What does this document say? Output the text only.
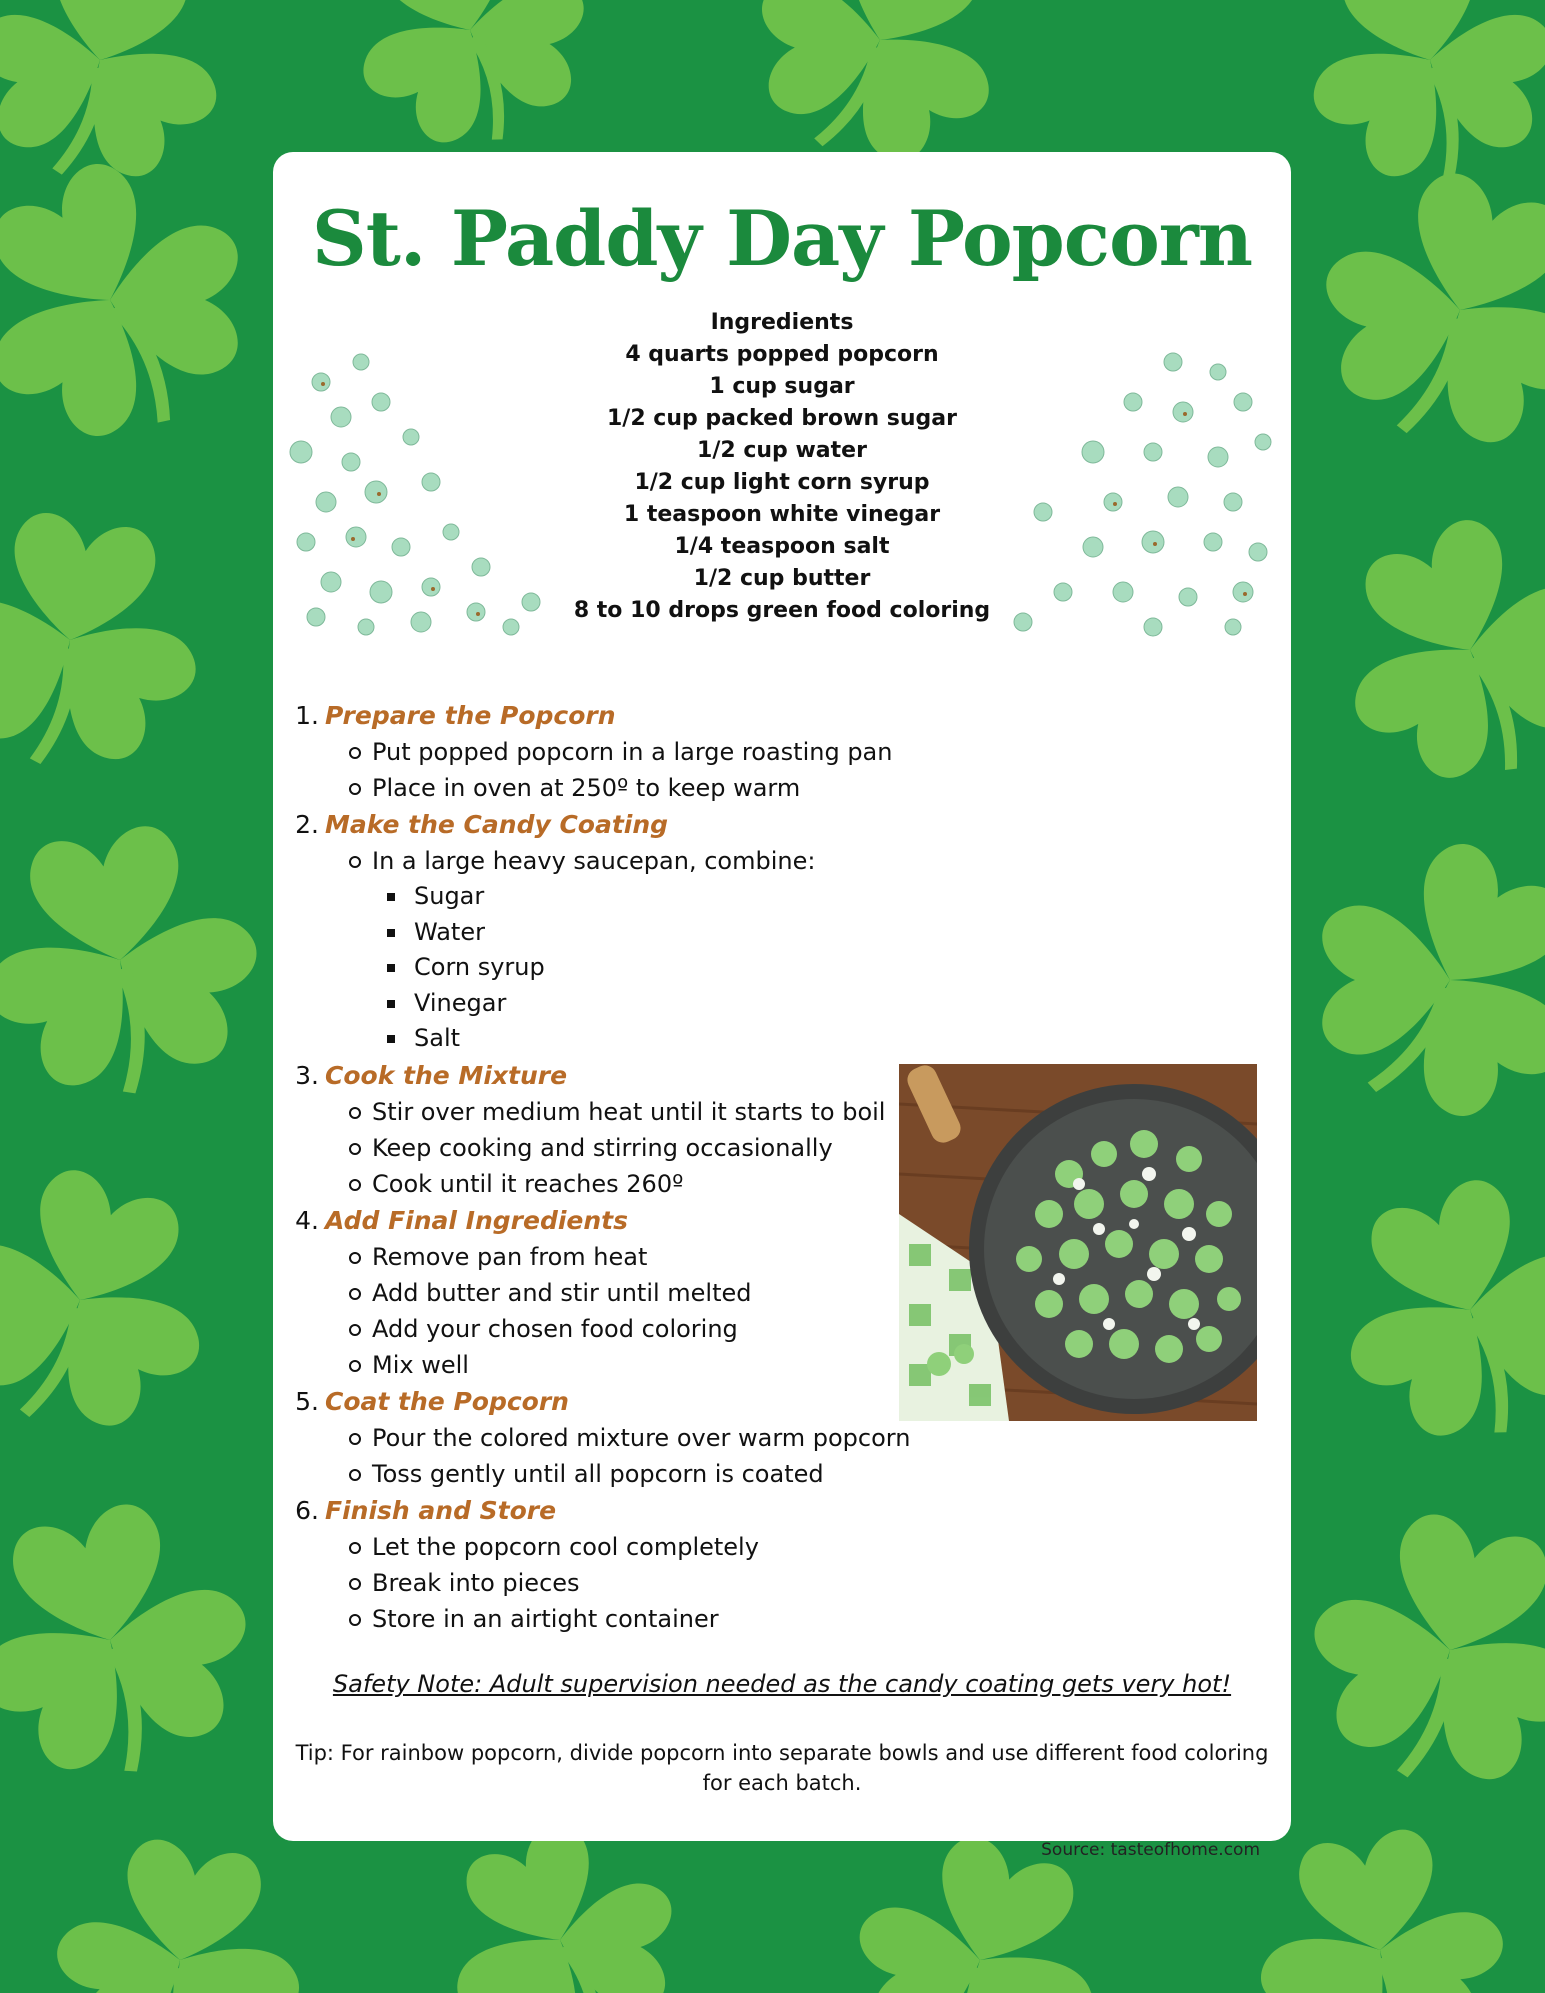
St. Paddy Day Popcorn
Ingredients
4 quarts popped popcorn
1 cup sugar
1/2 cup packed brown sugar
1/2 cup water
1/2 cup light corn syrup
1 teaspoon white vinegar
1/4 teaspoon salt
1/2 cup butter
8 to 10 drops green food coloring
1. Prepare the Popcorn
Put popped popcorn in a large roasting pan
Place in oven at 250º to keep warm
2. Make the Candy Coating
In a large heavy saucepan, combine:
Sugar
Water
Corn syrup
Vinegar
Salt
3. Cook the Mixture
Stir over medium heat until it starts to boil
Keep cooking and stirring occasionally
Cook until it reaches 260º
4. Add Final Ingredients
Remove pan from heat
Add butter and stir until melted
Add your chosen food coloring
Mix well
5. Coat the Popcorn
Pour the colored mixture over warm popcorn
Toss gently until all popcorn is coated
6. Finish and Store
Let the popcorn cool completely
Break into pieces
Store in an airtight container
Safety Note: Adult supervision needed as the candy coating gets very hot!
Tip: For rainbow popcorn, divide popcorn into separate bowls and use different food coloring for each batch.
Source: tasteofhome.com
